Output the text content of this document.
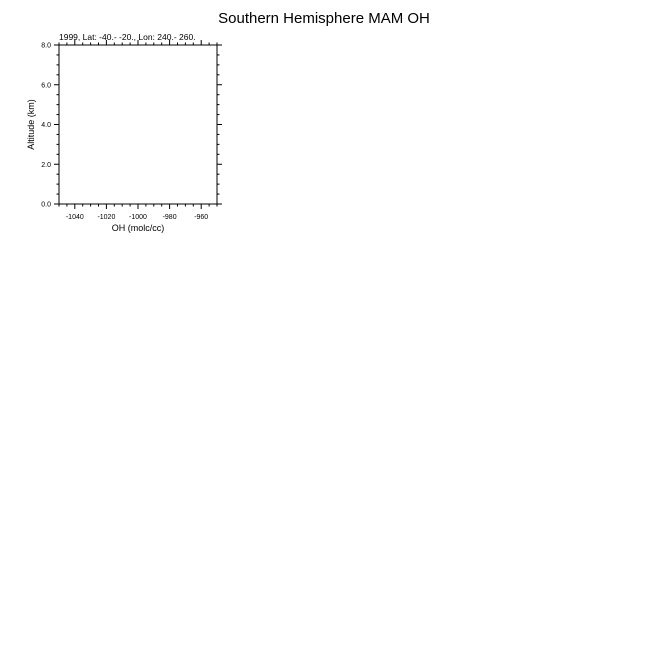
Southern Hemisphere MAM OH
1999, Lat: -40.- -20., Lon: 240.- 260.
-1040 -1020 -1000 -980	-960
0.0
2.0
4.0
6.0
8.0
OH (molc/cc)
Altitude (km)
